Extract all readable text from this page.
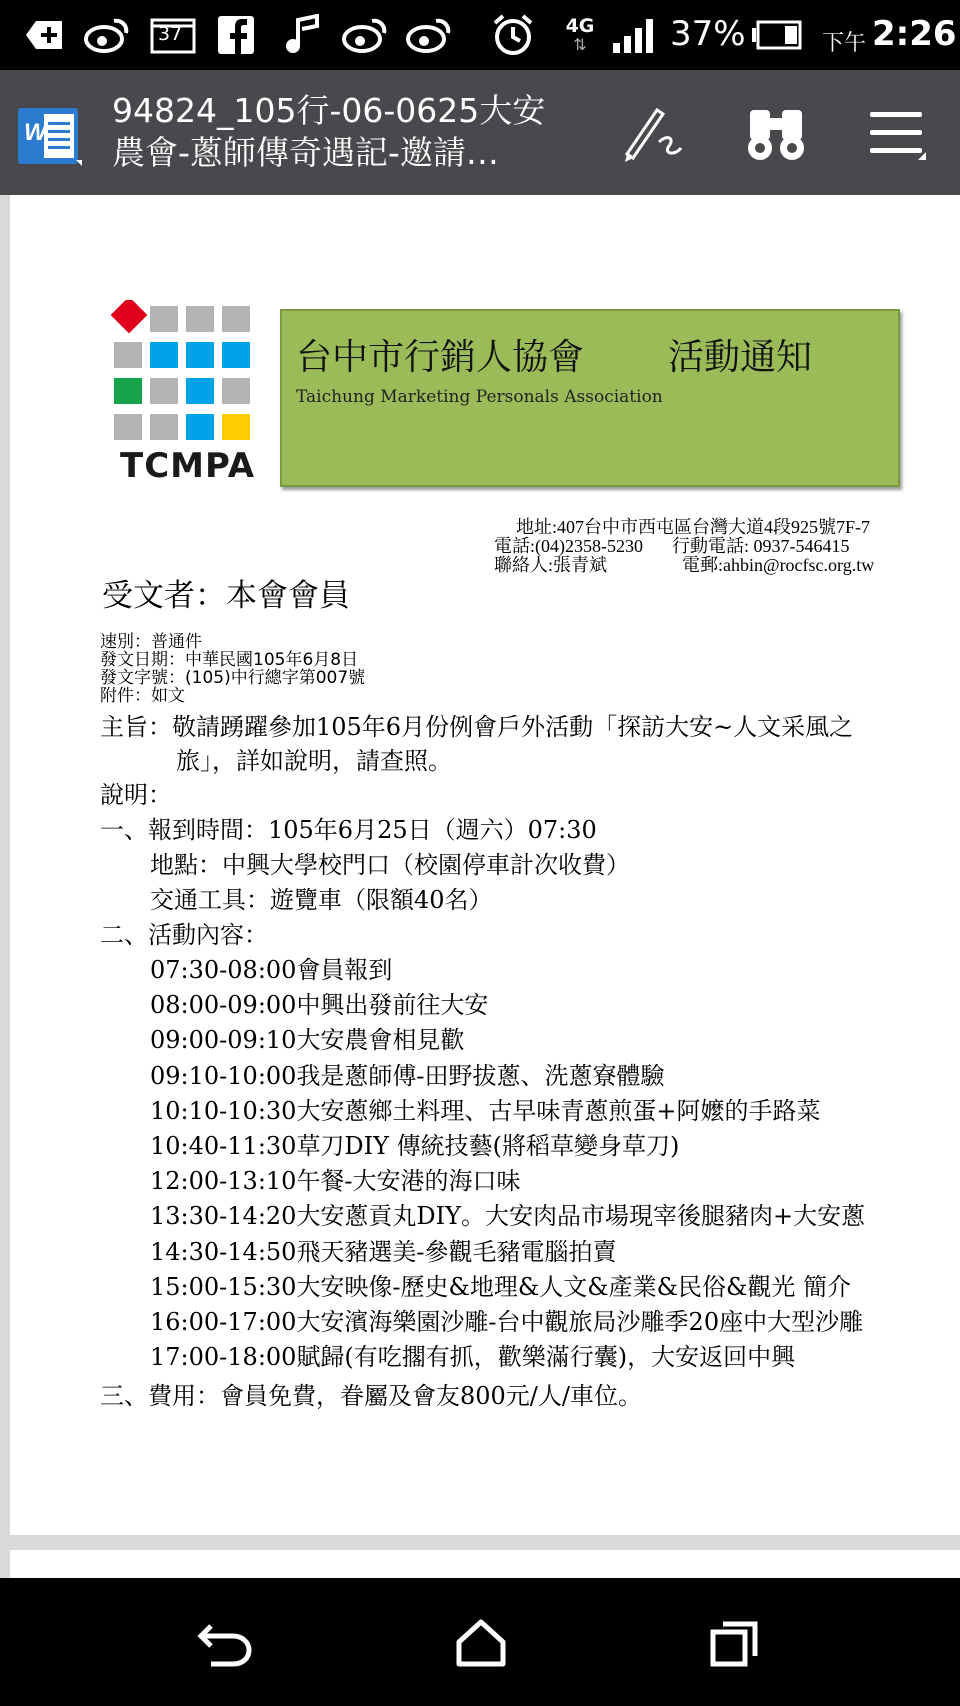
37	4G
⇅ 37%	下午 2:26
W
94824_105行-06-0625大安
農會-蔥師傳奇遇記-邀請…
TCMPA
台中市行銷人協會 活動通知
Taichung Marketing Personals Association
地址:407台中市西屯區台灣大道4段925號7F-7
電話:(04)2358-5230 行動電話: 0937-546415
聯絡人:張青斌	電郵:ahbin@rocfsc.org.tw
受文者：本會會員
速別：普通件
發文日期：中華民國105年6月8日
發文字號：(105)中行總字第007號
附件：如文
主旨：敬請踴躍參加105年6月份例會戶外活動「探訪大安~人文采風之
旅」，詳如說明，請查照。
說明：
一、報到時間：105年6月25日（週六）07:30
地點：中興大學校門口（校園停車計次收費）
交通工具：遊覽車（限額40名）
二、活動內容：
07:30-08:00會員報到
08:00-09:00中興出發前往大安
09:00-09:10大安農會相見歡
09:10-10:00我是蔥師傅-田野拔蔥、洗蔥寮體驗
10:10-10:30大安蔥鄉土料理、古早味青蔥煎蛋+阿嬤的手路菜
10:40-11:30草刀DIY 傳統技藝(將稻草變身草刀)
12:00-13:10午餐-大安港的海口味
13:30-14:20大安蔥貢丸DIY。大安肉品市場現宰後腿豬肉+大安蔥
14:30-14:50飛天豬選美-參觀毛豬電腦拍賣
15:00-15:30大安映像-歷史&地理&人文&產業&民俗&觀光 簡介
16:00-17:00大安濱海樂園沙雕-台中觀旅局沙雕季20座中大型沙雕
17:00-18:00賦歸(有吃擱有抓，歡樂滿行囊)，大安返回中興
三、費用：會員免費，眷屬及會友800元/人/車位。
